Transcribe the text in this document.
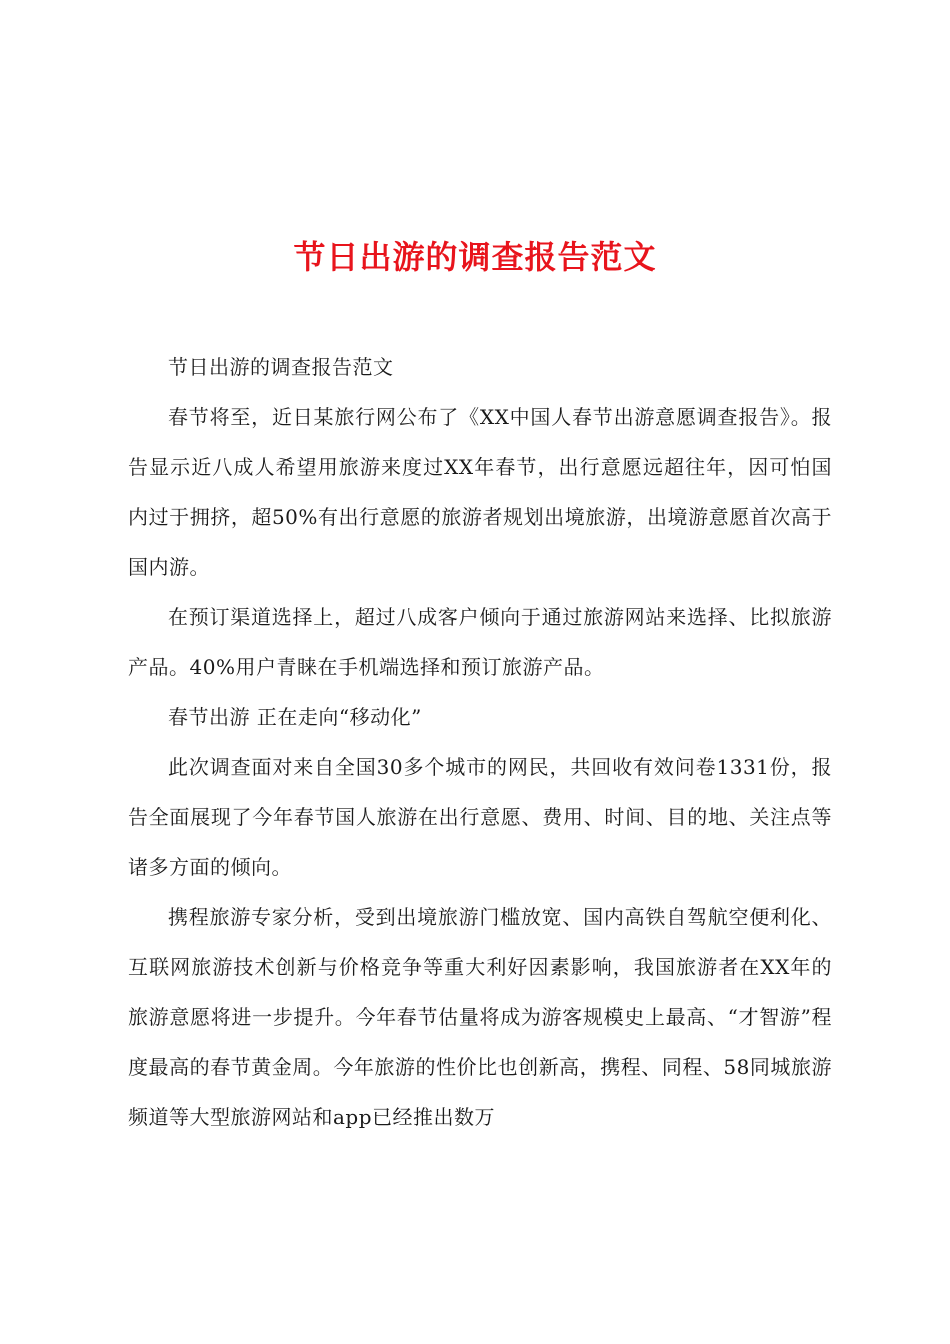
节日出游的调查报告范文

节日出游的调查报告范文

春节将至，近日某旅行网公布了《XX中国人春节出游意愿调查报告》。报告显示近八成人希望用旅游来度过XX年春节，出行意愿远超往年，因可怕国内过于拥挤，超50%有出行意愿的旅游者规划出境旅游，出境游意愿首次高于国内游。

在预订渠道选择上，超过八成客户倾向于通过旅游网站来选择、比拟旅游产品。40%用户青睐在手机端选择和预订旅游产品。

春节出游 正在走向“移动化”

此次调查面对来自全国30多个城市的网民，共回收有效问卷1331份，报告全面展现了今年春节国人旅游在出行意愿、费用、时间、目的地、关注点等诸多方面的倾向。

携程旅游专家分析，受到出境旅游门槛放宽、国内高铁自驾航空便利化、互联网旅游技术创新与价格竞争等重大利好因素影响，我国旅游者在XX年的旅游意愿将进一步提升。今年春节估量将成为游客规模史上最高、“才智游”程度最高的春节黄金周。今年旅游的性价比也创新高，携程、同程、58同城旅游频道等大型旅游网站和app已经推出数万
